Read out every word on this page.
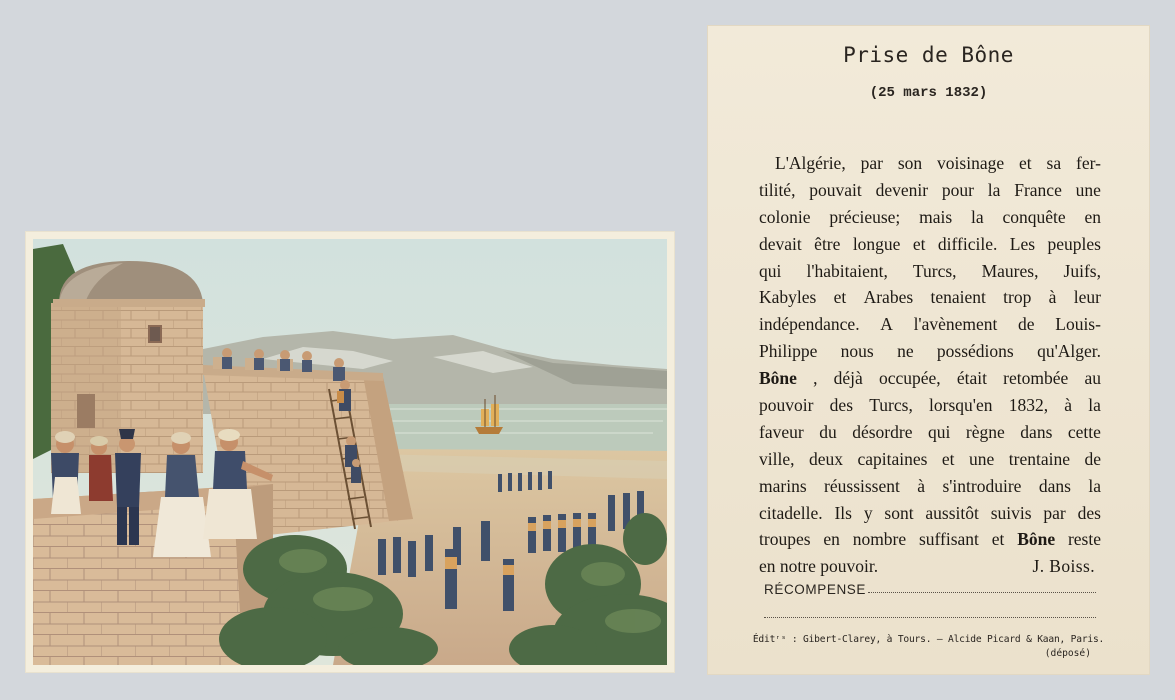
Prise de Bône
(25 mars 1832)
L'Algérie, par son voisinage et sa fer-
tilité, pouvait devenir pour la France une
colonie précieuse; mais la conquête en
devait être longue et difficile. Les peuples
qui l'habitaient, Turcs, Maures, Juifs,
Kabyles et Arabes tenaient trop à leur
indépendance. A l'avènement de Louis-
Philippe nous ne possédions qu'Alger.
Bône , déjà occupée, était retombée au
pouvoir des Turcs, lorsqu'en 1832, à la
faveur du désordre qui règne dans cette
ville, deux capitaines et une trentaine de
marins réussissent à s'introduire dans la
citadelle. Ils y sont aussitôt suivis par des
troupes en nombre suffisant et Bône reste
en notre pouvoir.	J. Boiss.
RÉCOMPENSE
Éditʳˢ : Gibert-Clarey, à Tours. — Alcide Picard & Kaan, Paris.
(déposé)
